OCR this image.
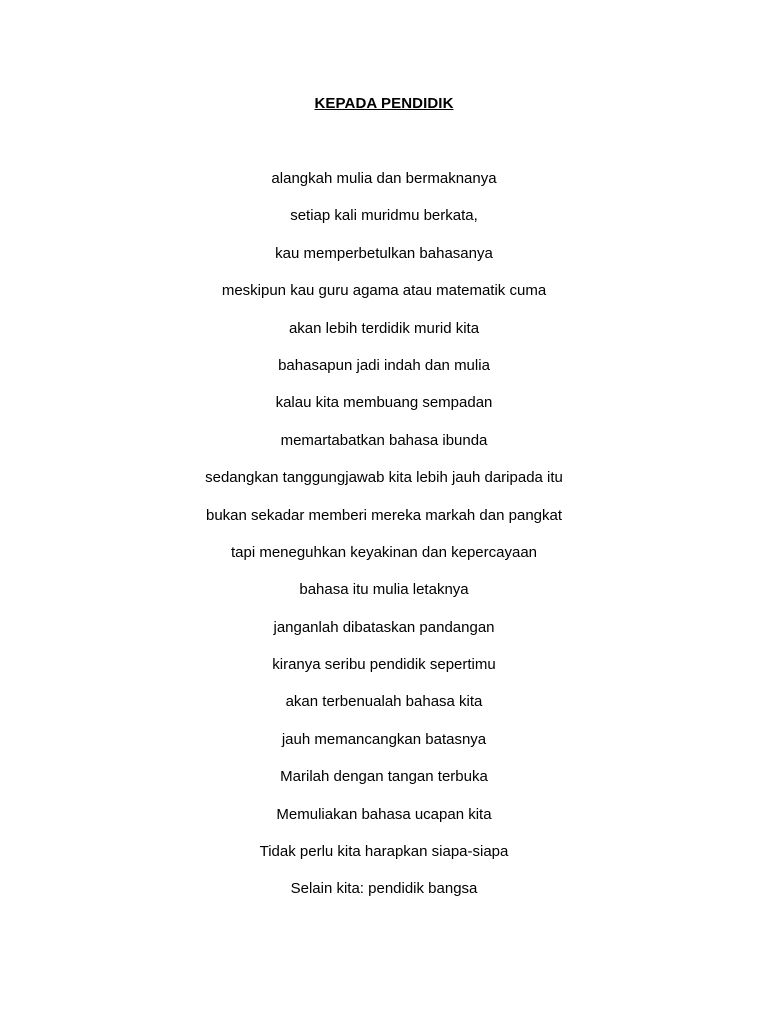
KEPADA PENDIDIK
alangkah mulia dan bermaknanya
setiap kali muridmu berkata,
kau memperbetulkan bahasanya
meskipun kau guru agama atau matematik cuma
akan lebih terdidik murid kita
bahasapun jadi indah dan mulia
kalau kita membuang sempadan
memartabatkan bahasa ibunda
sedangkan tanggungjawab kita lebih jauh daripada itu
bukan sekadar memberi mereka markah dan pangkat
tapi meneguhkan keyakinan dan kepercayaan
bahasa itu mulia letaknya
janganlah dibataskan pandangan
kiranya seribu pendidik sepertimu
akan terbenualah bahasa kita
jauh memancangkan batasnya
Marilah dengan tangan terbuka
Memuliakan bahasa ucapan kita
Tidak perlu kita harapkan siapa-siapa
Selain kita: pendidik bangsa
